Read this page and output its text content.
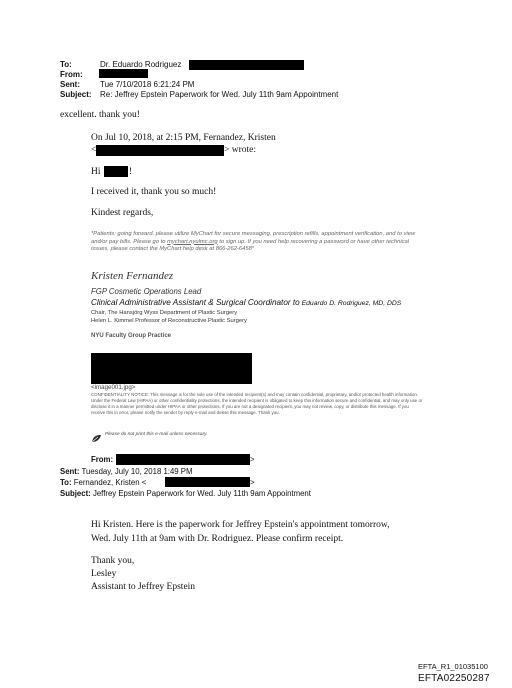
To:	Dr. Eduardo Rodriguez
From:
Sent:	Tue 7/10/2018 6:21:24 PM
Subject: Re: Jeffrey Epstein Paperwork for Wed. July 11th 9am Appointment
excellent. thank you!
On Jul 10, 2018, at 2:15 PM, Fernandez, Kristen
<	> wrote:
Hi	!
I received it, thank you so much!
Kindest regards,
*Patients: going forward, please utilize MyChart for secure messaging, prescription refills, appointment verification, and to view and/or pay bills. Please go to mychart.nyulmc.org to sign up. If you need help recovering a password or have other technical issues, please contact the MyChart help desk at 866-262-6458*
Kristen Fernandez
FGP Cosmetic Operations Lead
Clinical Administrative Assistant & Surgical Coordinator to Eduardo D. Rodriguez, MD, DDS
Chair, The Hansjörg Wyss Department of Plastic Surgery
Helen L. Kimmel Professor of Reconstructive Plastic Surgery
NYU Faculty Group Practice
<image001.jpg>
CONFIDENTIALITY NOTICE: This message is for the sole use of the intended recipient(s) and may contain confidential, proprietary, and/or protected health information. Under the Federal Law (HIPAA) or other confidentiality protections, the intended recipient is obligated to keep this information secure and confidential, and may only use or disclose it in a manner permitted under HIPAA or other protections. If you are not a designated recipient, you may not review, copy, or distribute this message. If you receive this in error, please notify the sender by reply e-mail and delete this message. Thank you.
Please do not print this e-mail unless necessary.
From:	>
Sent: Tuesday, July 10, 2018 1:49 PM
To: Fernandez, Kristen <	>
Subject: Jeffrey Epstein Paperwork for Wed. July 11th 9am Appointment
Hi Kristen. Here is the paperwork for Jeffrey Epstein's appointment tomorrow,
Wed. July 11th at 9am with Dr. Rodriguez. Please confirm receipt.
Thank you,
Lesley
Assistant to Jeffrey Epstein
EFTA_R1_01035100
EFTA02250287
